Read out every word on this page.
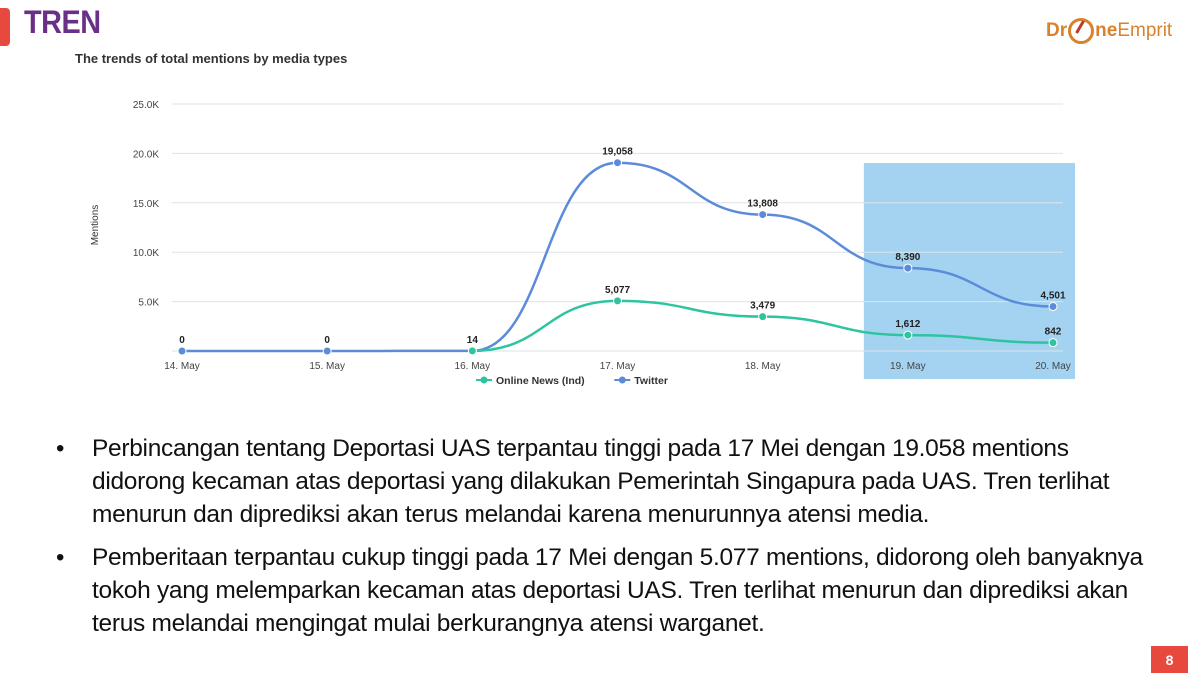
TREN	Dr ne Emprit
The trends of total mentions by media types
5.0K
10.0K
15.0K
20.0K
25.0K
Mentions
14. May	15. May	16. May	17. May	18. May	19. May	20. May
0	0	14
19,058
13,808
8,390
4,501
5,077
3,479
1,612
842
Online News (Ind)	Twitter
• Perbincangan tentang Deportasi UAS terpantau tinggi pada 17 Mei dengan 19.058 mentions didorong kecaman atas deportasi yang dilakukan Pemerintah Singapura pada UAS. Tren terlihat menurun dan diprediksi akan terus melandai karena menurunnya atensi media.
• Pemberitaan terpantau cukup tinggi pada 17 Mei dengan 5.077 mentions, didorong oleh banyaknya tokoh yang melemparkan kecaman atas deportasi UAS. Tren terlihat menurun dan diprediksi akan terus melandai mengingat mulai berkurangnya atensi warganet.
8
